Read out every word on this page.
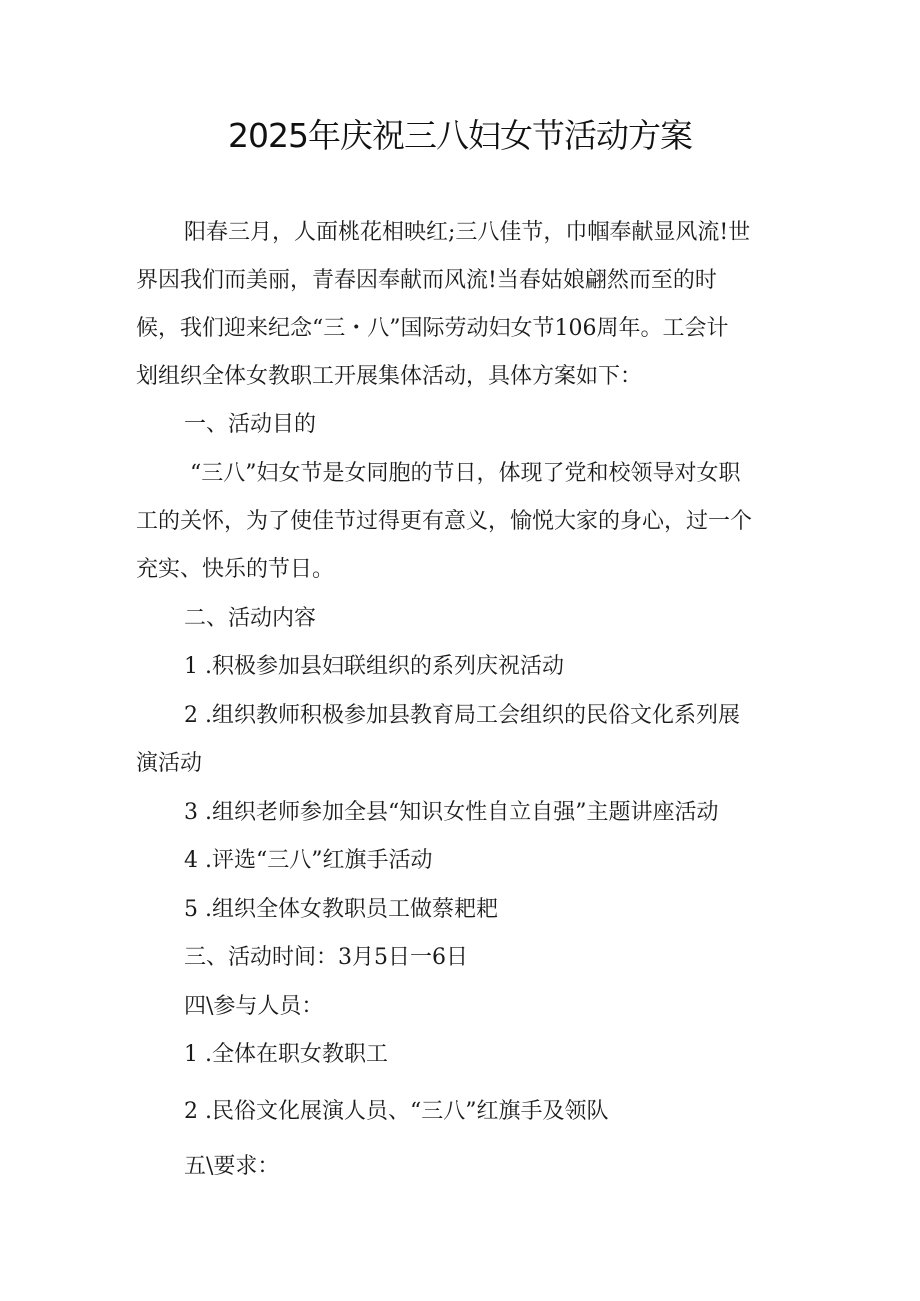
2025年庆祝三八妇女节活动方案
阳春三月，人面桃花相映红;三八佳节，巾帼奉献显风流!世
界因我们而美丽，青春因奉献而风流!当春姑娘翩然而至的时
候，我们迎来纪念“三・八”国际劳动妇女节106周年。工会计
划组织全体女教职工开展集体活动，具体方案如下：
一、活动目的
“三八”妇女节是女同胞的节日，体现了党和校领导对女职
工的关怀，为了使佳节过得更有意义，愉悦大家的身心，过一个
充实、快乐的节日。
二、活动内容
1 .积极参加县妇联组织的系列庆祝活动
2 .组织教师积极参加县教育局工会组织的民俗文化系列展
演活动
3 .组织老师参加全县“知识女性自立自强”主题讲座活动
4 .评选“三八”红旗手活动
5 .组织全体女教职员工做蔡耙耙
三、活动时间：3月5日一6日
四\参与人员：
1 .全体在职女教职工
2 .民俗文化展演人员、“三八”红旗手及领队
五\要求：
